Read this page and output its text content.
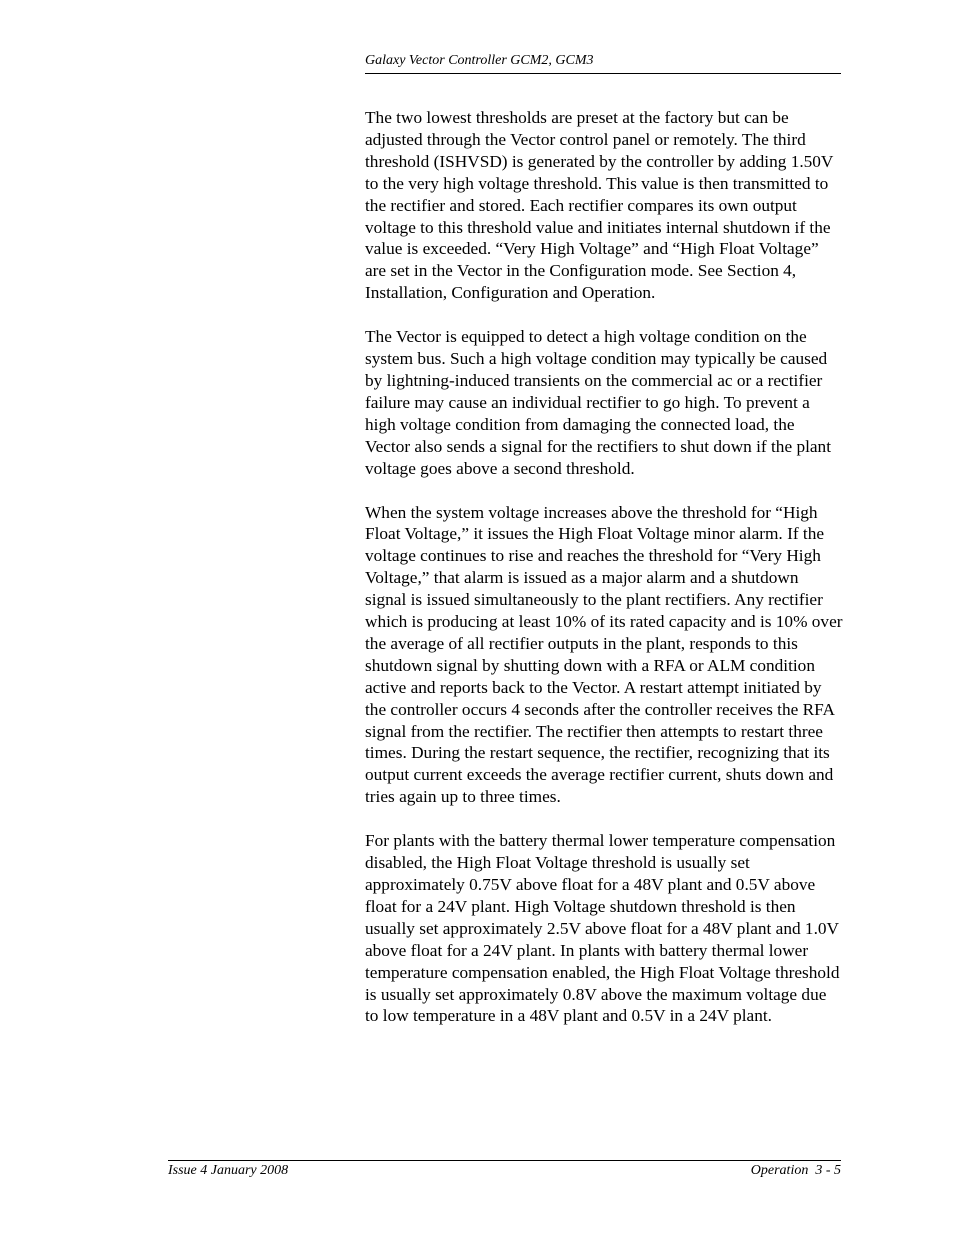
Galaxy Vector Controller GCM2, GCM3

The two lowest thresholds are preset at the factory but can be adjusted through the Vector control panel or remotely. The third threshold (ISHVSD) is generated by the controller by adding 1.50V to the very high voltage threshold. This value is then transmitted to the rectifier and stored. Each rectifier compares its own output voltage to this threshold value and initiates internal shutdown if the value is exceeded. “Very High Voltage” and “High Float Voltage” are set in the Vector in the Configuration mode. See Section 4, Installation, Configuration and Operation.

The Vector is equipped to detect a high voltage condition on the system bus. Such a high voltage condition may typically be caused by lightning-induced transients on the commercial ac or a rectifier failure may cause an individual rectifier to go high. To prevent a high voltage condition from damaging the connected load, the Vector also sends a signal for the rectifiers to shut down if the plant voltage goes above a second threshold.

When the system voltage increases above the threshold for “High Float Voltage,” it issues the High Float Voltage minor alarm. If the voltage continues to rise and reaches the threshold for “Very High Voltage,” that alarm is issued as a major alarm and a shutdown signal is issued simultaneously to the plant rectifiers. Any rectifier which is producing at least 10% of its rated capacity and is 10% over the average of all rectifier outputs in the plant, responds to this shutdown signal by shutting down with a RFA or ALM condition active and reports back to the Vector. A restart attempt initiated by the controller occurs 4 seconds after the controller receives the RFA signal from the rectifier. The rectifier then attempts to restart three times. During the restart sequence, the rectifier, recognizing that its output current exceeds the average rectifier current, shuts down and tries again up to three times.

For plants with the battery thermal lower temperature compensation disabled, the High Float Voltage threshold is usually set approximately 0.75V above float for a 48V plant and 0.5V above float for a 24V plant. High Voltage shutdown threshold is then usually set approximately 2.5V above float for a 48V plant and 1.0V above float for a 24V plant. In plants with battery thermal lower temperature compensation enabled, the High Float Voltage threshold is usually set approximately 0.8V above the maximum voltage due to low temperature in a 48V plant and 0.5V in a 24V plant.

Issue 4 January 2008	Operation  3 - 5
